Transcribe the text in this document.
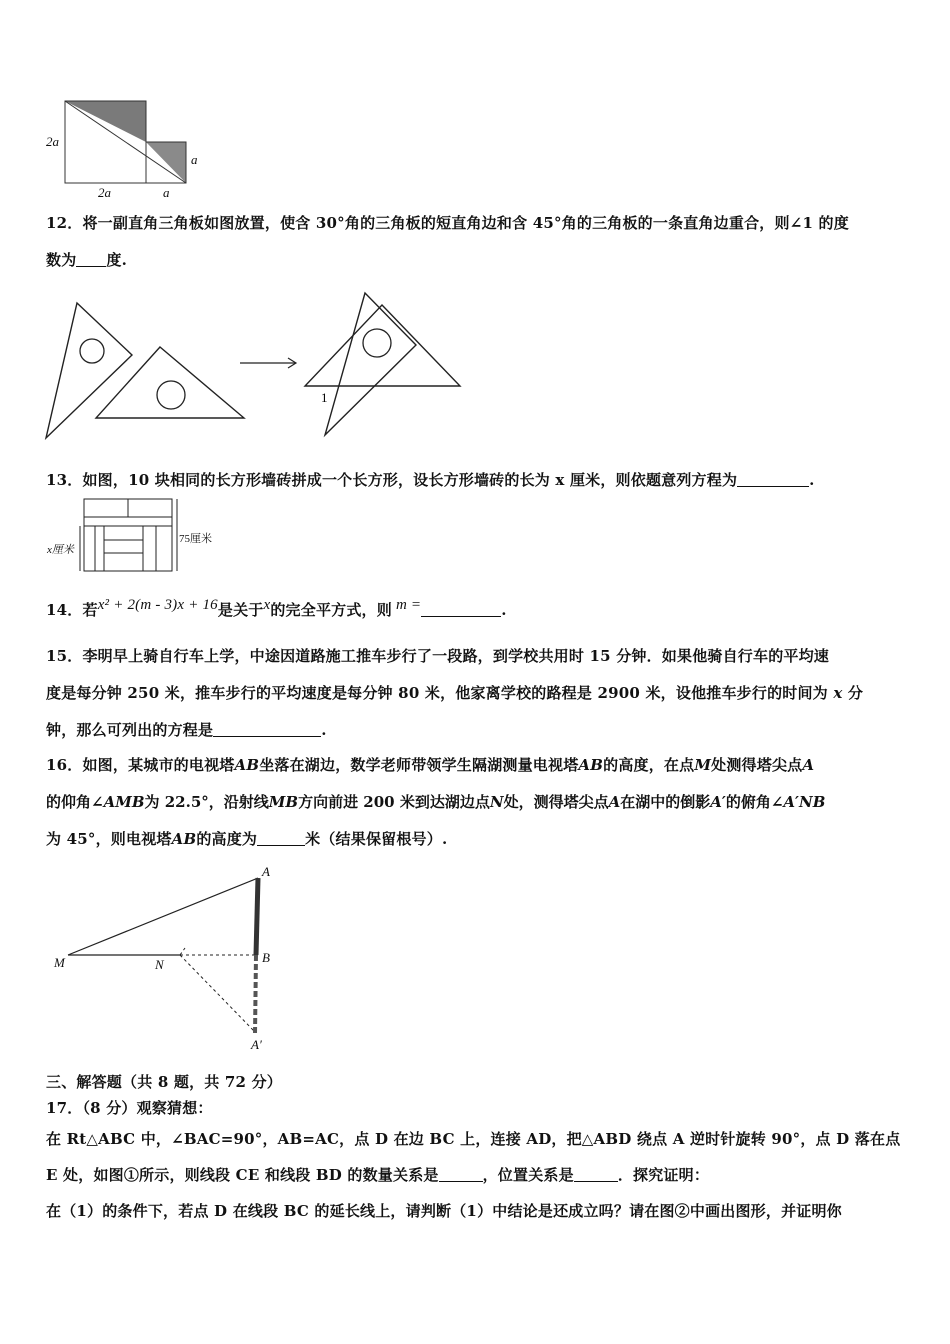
2a
2a	a
a
12．将一副直角三角板如图放置，使含 30°角的三角板的短直角边和含 45°角的三角板的一条直角边重合，则∠1 的度
数为 度.
1
13．如图，10 块相同的长方形墙砖拼成一个长方形，设长方形墙砖的长为 x 厘米，则依题意列方程为	.
75厘米
x厘米
14．若x² + 2(m - 3)x + 16是关于x的完全平方式，则 m =	.
15．李明早上骑自行车上学，中途因道路施工推车步行了一段路，到学校共用时 15 分钟．如果他骑自行车的平均速
度是每分钟 250 米，推车步行的平均速度是每分钟 80 米，他家离学校的路程是 2900 米，设他推车步行的时间为 x 分
钟，那么可列出的方程是	.
16．如图，某城市的电视塔AB坐落在湖边，数学老师带领学生隔湖测量电视塔AB的高度，在点M处测得塔尖点A
的仰角∠AMB为 22.5°，沿射线MB方向前进 200 米到达湖边点N处，测得塔尖点A在湖中的倒影A′的俯角∠A′NB
为 45°，则电视塔AB的高度为	米（结果保留根号）.
A
M	N	B
A′
三、解答题（共 8 题，共 72 分）
17．（8 分）观察猜想：
在 Rt△ABC 中，∠BAC=90°，AB=AC，点 D 在边 BC 上，连接 AD，把△ABD 绕点 A 逆时针旋转 90°，点 D 落在点
E 处，如图①所示，则线段 CE 和线段 BD 的数量关系是	，位置关系是	．探究证明：
在（1）的条件下，若点 D 在线段 BC 的延长线上，请判断（1）中结论是还成立吗？请在图②中画出图形，并证明你
